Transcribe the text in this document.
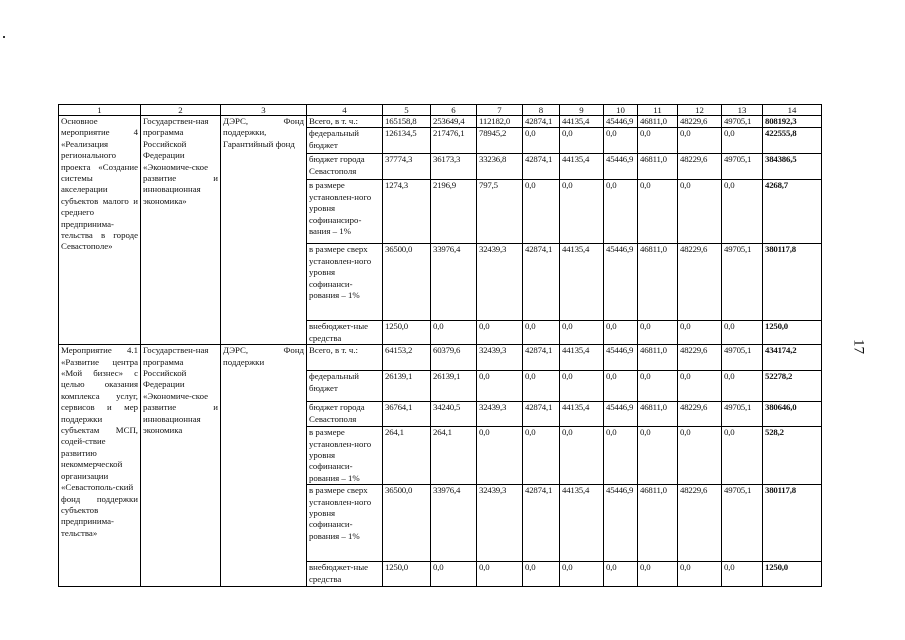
1	2	3	4	5	6	7	8	9	10	11	12	13	14
Основное мероприятие 4 «Реализация регионального проекта «Создание системы акселерации субъектов малого и среднего предпринима-тельства в городе Севастополе»	Государствен-ная программа Российской Федерации «Экономиче-ское развитие и инновационная экономика»	ДЭРС, Фонд поддержки, Гарантийный фонд	Всего, в т. ч.:	165158,8	253649,4	112182,0	42874,1	44135,4	45446,9	46811,0	48229,6	49705,1	808192,3
			федеральный бюджет	126134,5	217476,1	78945,2	0,0	0,0	0,0	0,0	0,0	0,0	422555,8
			бюджет города Севастополя	37774,3	36173,3	33236,8	42874,1	44135,4	45446,9	46811,0	48229,6	49705,1	384386,5
			в размере установлен-ного уровня софинансиро-вания – 1%	1274,3	2196,9	797,5	0,0	0,0	0,0	0,0	0,0	0,0	4268,7
			в размере сверх установлен-ного уровня софинанси-рования – 1%	36500,0	33976,4	32439,3	42874,1	44135,4	45446,9	46811,0	48229,6	49705,1	380117,8
			внебюджет-ные средства	1250,0	0,0	0,0	0,0	0,0	0,0	0,0	0,0	0,0	1250,0
Мероприятие 4.1 «Развитие центра «Мой бизнес» с целью оказания комплекса услуг, сервисов и мер поддержки субъектам МСП, содей-ствие развитию некоммерческой организации «Севастополь-ский фонд поддержки субъектов предпринима-тельства»	Государствен-ная программа Российской Федерации «Экономиче-ское развитие и инновационная экономика	ДЭРС, Фонд поддержки	Всего, в т. ч.:	64153,2	60379,6	32439,3	42874,1	44135,4	45446,9	46811,0	48229,6	49705,1	434174,2
			федеральный бюджет	26139,1	26139,1	0,0	0,0	0,0	0,0	0,0	0,0	0,0	52278,2
			бюджет города Севастополя	36764,1	34240,5	32439,3	42874,1	44135,4	45446,9	46811,0	48229,6	49705,1	380646,0
			в размере установлен-ного уровня софинанси-рования – 1%	264,1	264,1	0,0	0,0	0,0	0,0	0,0	0,0	0,0	528,2
			в размере сверх установлен-ного уровня софинанси-рования – 1%	36500,0	33976,4	32439,3	42874,1	44135,4	45446,9	46811,0	48229,6	49705,1	380117,8
			внебюджет-ные средства	1250,0	0,0	0,0	0,0	0,0	0,0	0,0	0,0	0,0	1250,0
17
